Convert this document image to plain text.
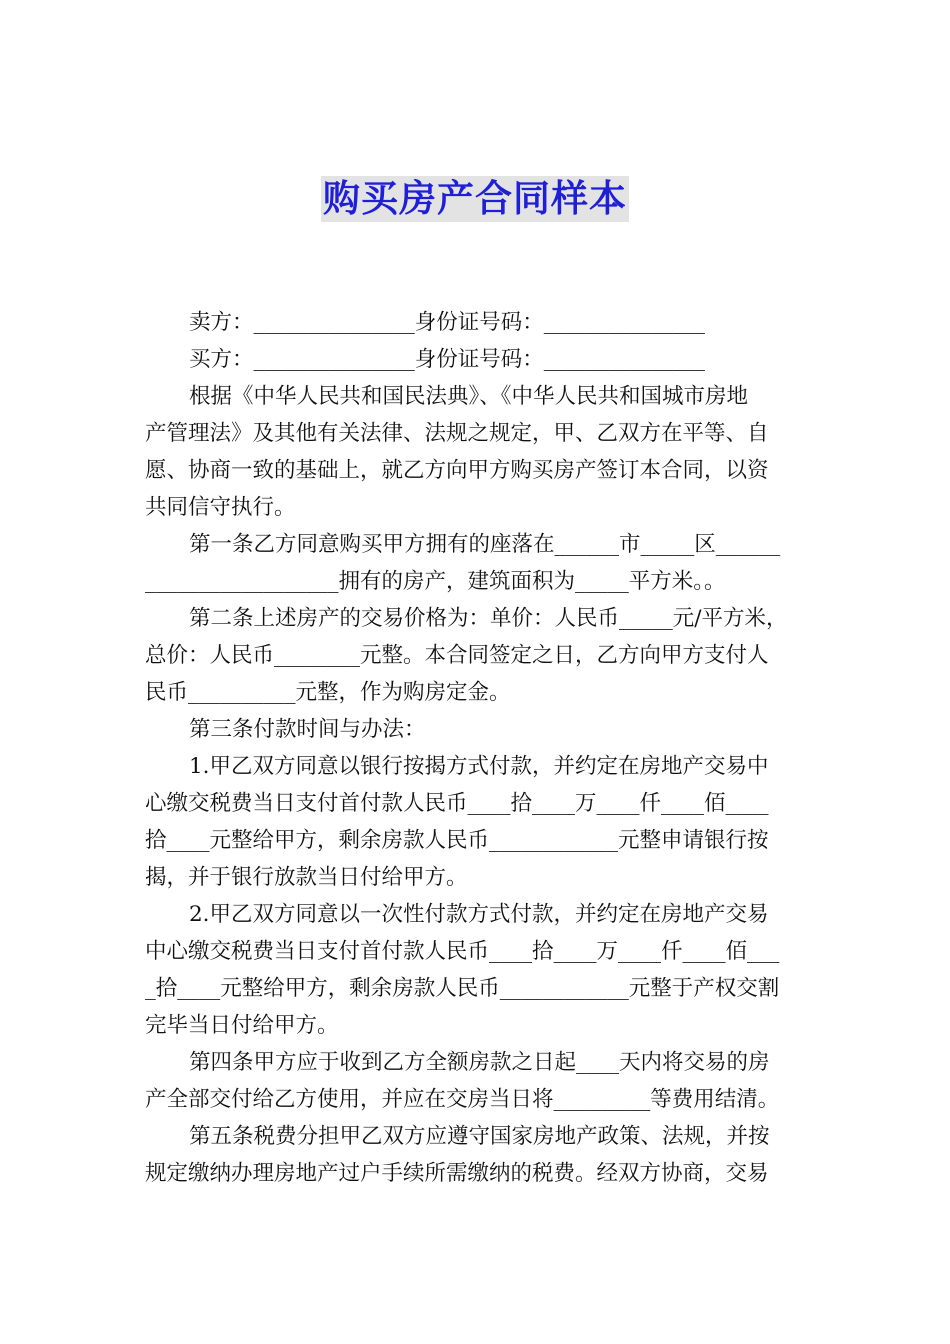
购买房产合同样本
卖方：_______________身份证号码：_______________
买方：_______________身份证号码：_______________
根据《中华人民共和国民法典》、《中华人民共和国城市房地
产管理法》及其他有关法律、法规之规定，甲、乙双方在平等、自
愿、协商一致的基础上，就乙方向甲方购买房产签订本合同，以资
共同信守执行。
第一条乙方同意购买甲方拥有的座落在______市_____区______
__________________拥有的房产，建筑面积为_____平方米。。
第二条上述房产的交易价格为：单价：人民币_____元/平方米，
总价：人民币________元整。本合同签定之日，乙方向甲方支付人
民币__________元整，作为购房定金。
第三条付款时间与办法：
1.甲乙双方同意以银行按揭方式付款，并约定在房地产交易中
心缴交税费当日支付首付款人民币____拾____万____仟____佰____
拾____元整给甲方，剩余房款人民币____________元整申请银行按
揭，并于银行放款当日付给甲方。
2.甲乙双方同意以一次性付款方式付款，并约定在房地产交易
中心缴交税费当日支付首付款人民币____拾____万____仟____佰___
_拾____元整给甲方，剩余房款人民币____________元整于产权交割
完毕当日付给甲方。
第四条甲方应于收到乙方全额房款之日起____天内将交易的房
产全部交付给乙方使用，并应在交房当日将_________等费用结清。
第五条税费分担甲乙双方应遵守国家房地产政策、法规，并按
规定缴纳办理房地产过户手续所需缴纳的税费。经双方协商，交易
